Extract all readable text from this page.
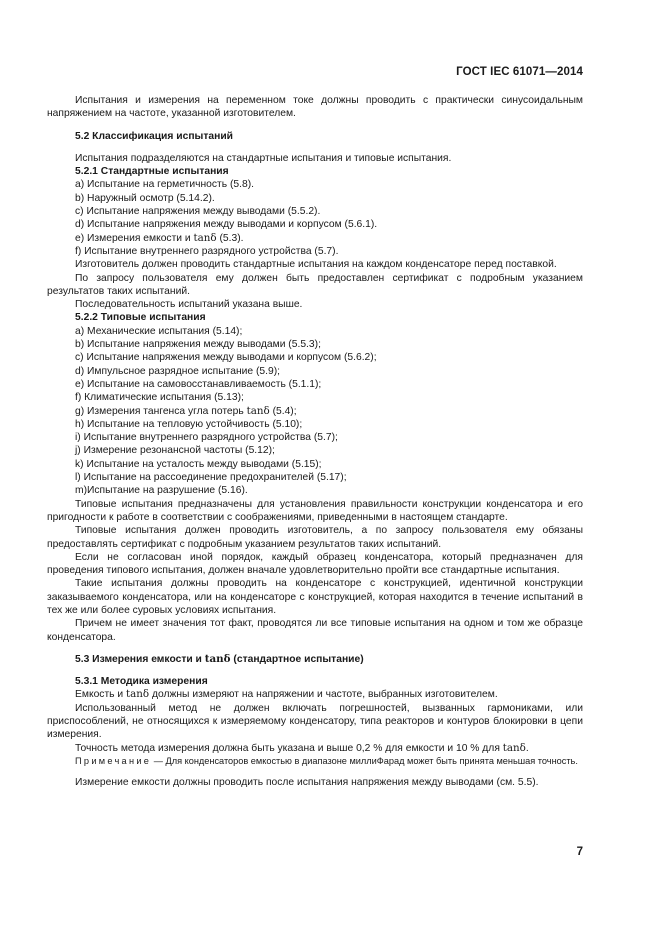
ГОСТ IEC 61071—2014

Испытания и измерения на переменном токе должны проводить с практически синусоидальным напряжением на частоте, указанной изготовителем.

5.2 Классификация испытаний

Испытания подразделяются на стандартные испытания и типовые испытания.

5.2.1 Стандартные испытания

a) Испытание на герметичность (5.8).

b) Наружный осмотр (5.14.2).

c) Испытание напряжения между выводами (5.5.2).

d) Испытание напряжения между выводами и корпусом (5.6.1).

e) Измерения емкости и tanδ (5.3).

f) Испытание внутреннего разрядного устройства (5.7).

Изготовитель должен проводить стандартные испытания на каждом конденсаторе перед поставкой.

По запросу пользователя ему должен быть предоставлен сертификат с подробным указанием результатов таких испытаний.

Последовательность испытаний указана выше.

5.2.2 Типовые испытания

a) Механические испытания (5.14);

b) Испытание напряжения между выводами (5.5.3);

c) Испытание напряжения между выводами и корпусом (5.6.2);

d) Импульсное разрядное испытание (5.9);

e) Испытание на самовосстанавливаемость (5.1.1);

f) Климатические испытания (5.13);

g) Измерения тангенса угла потерь tanδ (5.4);

h) Испытание на тепловую устойчивость (5.10);

i) Испытание внутреннего разрядного устройства (5.7);

j) Измерение резонансной частоты (5.12);

k) Испытание на усталость между выводами (5.15);

l) Испытание на рассоединение предохранителей (5.17);

m)Испытание на разрушение (5.16).

Типовые испытания предназначены для установления правильности конструкции конденсатора и его пригодности к работе в соответствии с соображениями, приведенными в настоящем стандарте.

Типовые испытания должен проводить изготовитель, а по запросу пользователя ему обязаны предоставлять сертификат с подробным указанием результатов таких испытаний.

Если не согласован иной порядок, каждый образец конденсатора, который предназначен для проведения типового испытания, должен вначале удовлетворительно пройти все стандартные испытания.

Такие испытания должны проводить на конденсаторе с конструкцией, идентичной конструкции заказываемого конденсатора, или на конденсаторе с конструкцией, которая находится в течение испытаний в тех же или более суровых условиях испытания.

Причем не имеет значения тот факт, проводятся ли все типовые испытания на одном и том же образце конденсатора.

5.3 Измерения емкости и tanδ (стандартное испытание)

5.3.1 Методика измерения

Емкость и tanδ должны измеряют на напряжении и частоте, выбранных изготовителем.

Использованный метод не должен включать погрешностей, вызванных гармониками, или приспособлений, не относящихся к измеряемому конденсатору, типа реакторов и контуров блокировки в цепи измерения.

Точность метода измерения должна быть указана и выше 0,2 % для емкости и 10 % для tanδ.

Примечание — Для конденсаторов емкостью в диапазоне миллиФарад может быть принята меньшая точность.

Измерение емкости должны проводить после испытания напряжения между выводами (см. 5.5).

7
